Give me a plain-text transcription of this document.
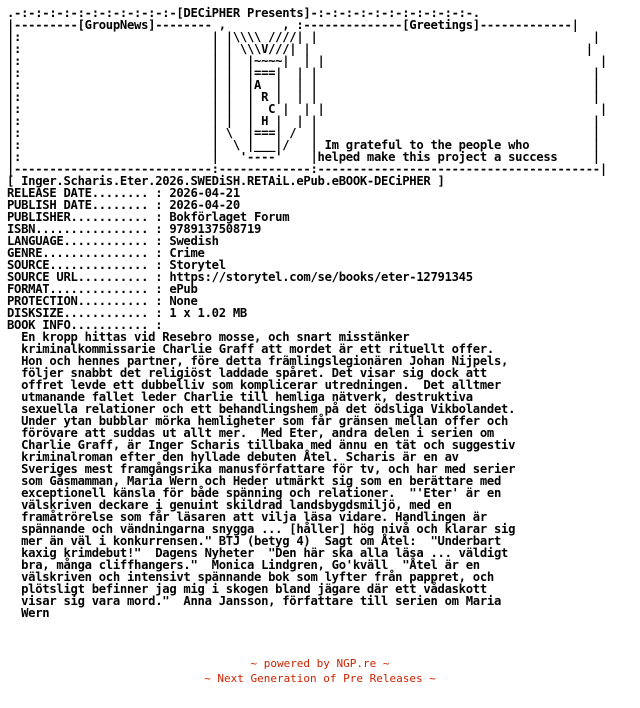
.-:-:-:-:-:-:-:-:-:-:-:-[DECiPHER Presents]-:-:-:-:-:-:-:-:-:-:-:-.
|---------[GroupNews]-------- ,        , :--------------[Greetings]-------------|
|:                           | |\\\\ ////| |                                       |
|:                           | | \\\V///| |                                       |
|:                           | |  |~~~~|  | |                                       |
|:                           | |  |===|  | |                                       |
|:                           | |  |A  |  | |                                       |
|:                           | |  | R |  | |                                       |
|:                           | |  |  C |  | |                                       |
|:                           | |  | H |  | |                                       |
|:                           | \  |===| /  |                                       |
|:                           |  \ |___|/   | Im grateful to the people who         |
|:                           |   '----'    |helped make this project a success     |
|----------------------------:-------------:----------------------------------------|
[ Inger.Scharis.Eter.2026.SWEDiSH.RETAiL.ePub.eBOOK-DECiPHER ]
RELEASE DATE........ : 2026-04-21
PUBLISH DATE........ : 2026-04-20
PUBLISHER........... : Bokförlaget Forum
ISBN................ : 9789137508719
LANGUAGE............ : Swedish
GENRE............... : Crime
SOURCE.............. : Storytel
SOURCE URL.......... : https://storytel.com/se/books/eter-12791345
FORMAT.............. : ePub
PROTECTION.......... : None
DISKSIZE............ : 1 x 1.02 MB
BOOK INFO........... :
En kropp hittas vid Resebro mosse, och snart misstänker
kriminalkommissarie Charlie Graff att mordet är ett rituellt offer.
Hon och hennes partner, före detta främlingslegionären Johan Nijpels,
följer snabbt det religiöst laddade spåret. Det visar sig dock att
offret levde ett dubbelliv som komplicerar utredningen.  Det alltmer
utmanande fallet leder Charlie till hemliga nätverk, destruktiva
sexuella relationer och ett behandlingshem på det ödsliga Vikbolandet.
Under ytan bubblar mörka hemligheter som får gränsen mellan offer och
förövare att suddas ut allt mer.  Med Eter, andra delen i serien om
Charlie Graff, är Inger Scharis tillbaka med ännu en tät och suggestiv
kriminalroman efter den hyllade debuten Åtel. Scharis är en av
Sveriges mest framgångsrika manusförfattare för tv, och har med serier
som Gåsmamman, Maria Wern och Heder utmärkt sig som en berättare med
exceptionell känsla för både spänning och relationer.  "'Eter' är en
välskriven deckare i genuint skildrad landsbygdsmiljö, med en
framåtrörelse som får läsaren att vilja läsa vidare. Handlingen är
spännande och vändningarna snygga ... [håller] hög nivå och klarar sig
mer än väl i konkurrensen." BTJ (betyg 4)  Sagt om Åtel:  "Underbart
kaxig krimdebut!"  Dagens Nyheter  "Den här ska alla läsa ... väldigt
bra, många cliffhangers."  Monica Lindgren, Go'kväll  "Åtel är en
välskriven och intensivt spännande bok som lyfter från pappret, och
plötsligt befinner jag mig i skogen bland jägare där ett vådaskott
visar sig vara mord."  Anna Jansson, författare till serien om Maria
Wern
~ powered by NGP.re ~
~ Next Generation of Pre Releases ~
